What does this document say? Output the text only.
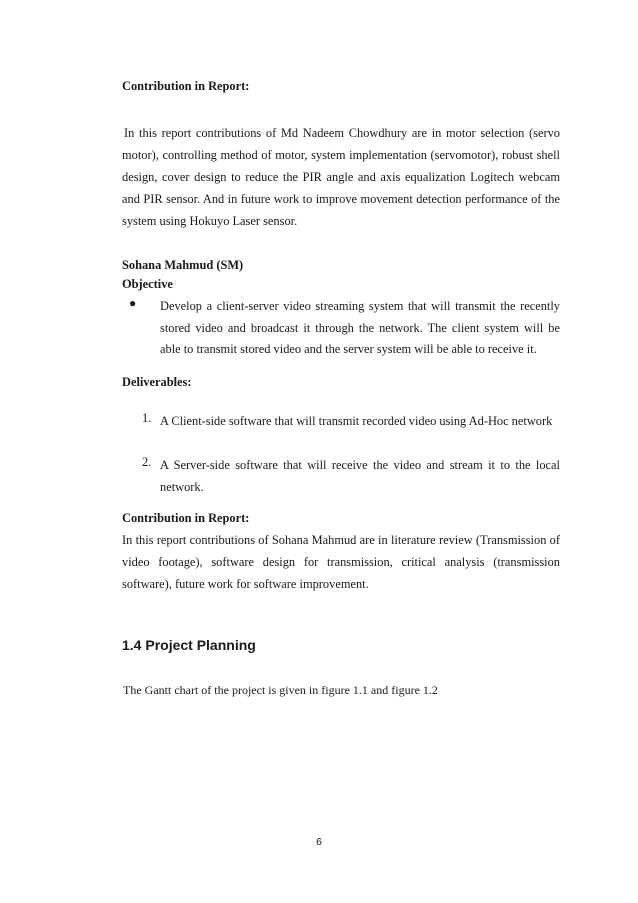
Contribution in Report:
In this report contributions of Md Nadeem Chowdhury are in motor selection (servo motor), controlling method of motor, system implementation (servomotor), robust shell design, cover design to reduce the PIR angle and axis equalization Logitech webcam and PIR sensor. And in future work to improve movement detection performance of the system using Hokuyo Laser sensor.
Sohana Mahmud (SM)
Objective
● Develop a client-server video streaming system that will transmit the recently stored video and broadcast it through the network. The client system will be able to transmit stored video and the server system will be able to receive it.
Deliverables:
1. A Client-side software that will transmit recorded video using Ad-Hoc network
2. A Server-side software that will receive the video and stream it to the local network.
Contribution in Report:
In this report contributions of Sohana Mahmud are in literature review (Transmission of video footage), software design for transmission, critical analysis (transmission software), future work for software improvement.
1.4 Project Planning
The Gantt chart of the project is given in figure 1.1 and figure 1.2
6
